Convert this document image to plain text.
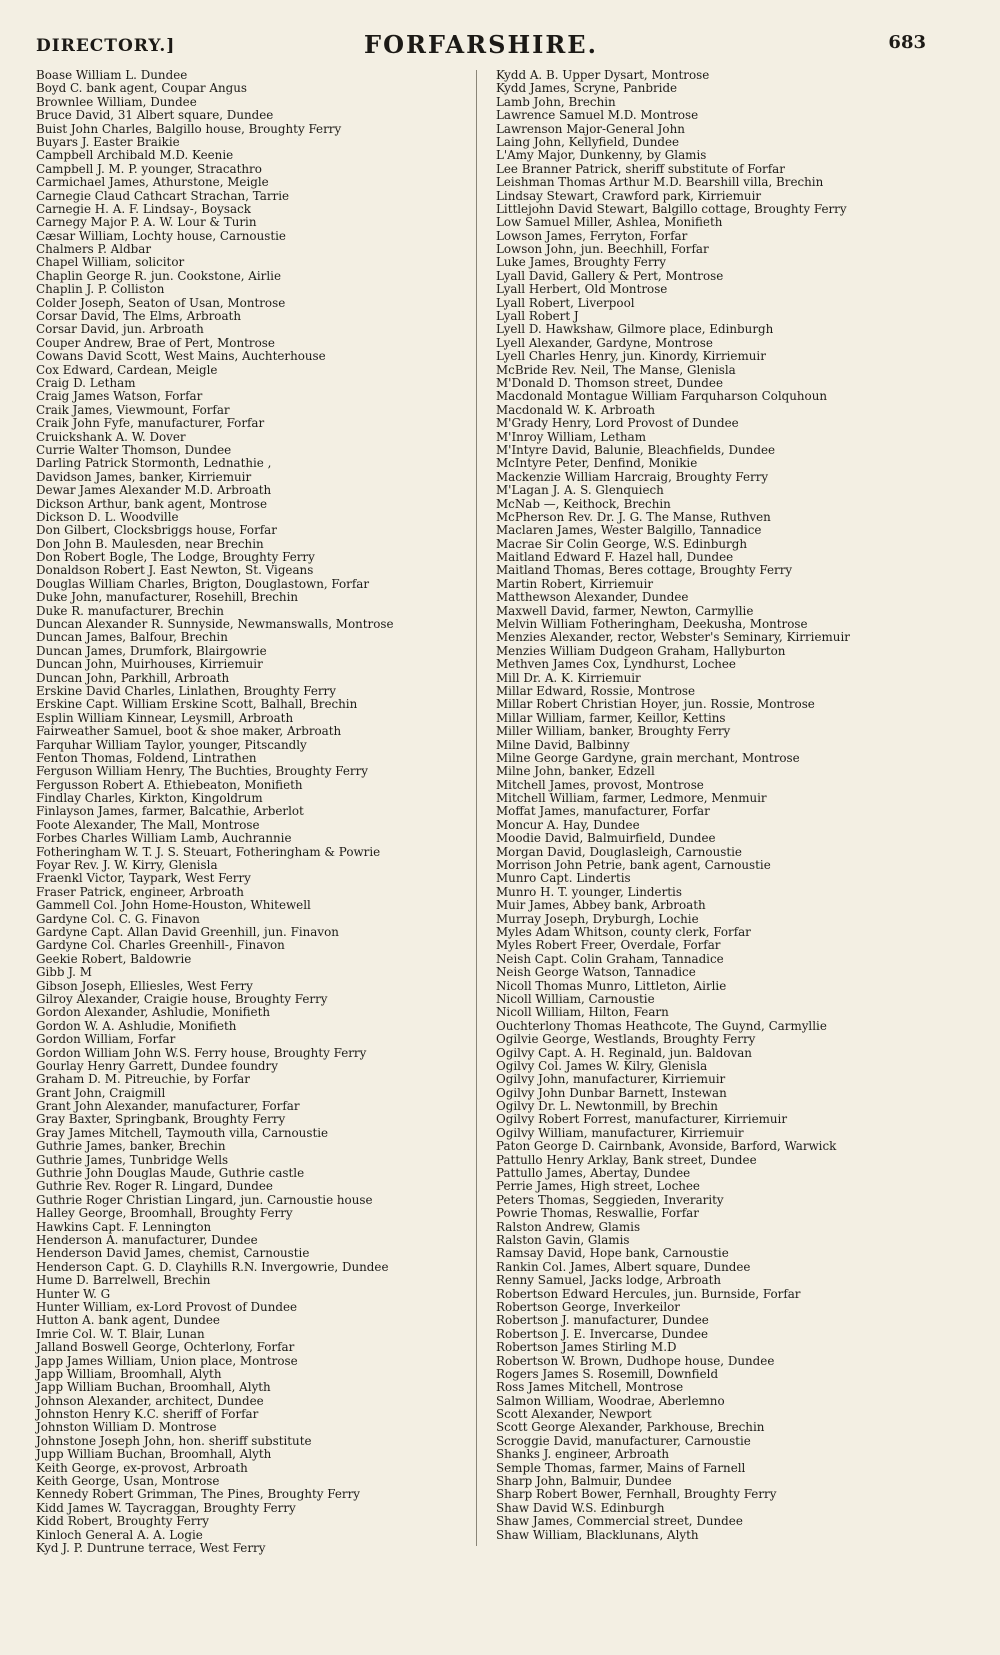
DIRECTORY.]	FORFARSHIRE.	683
Boase William L. Dundee
Boyd C. bank agent, Coupar Angus
Brownlee William, Dundee
Bruce David, 31 Albert square, Dundee
Buist John Charles, Balgillo house, Broughty Ferry
Buyars J. Easter Braikie
Campbell Archibald M.D. Keenie
Campbell J. M. P. younger, Stracathro
Carmichael James, Athurstone, Meigle
Carnegie Claud Cathcart Strachan, Tarrie
Carnegie H. A. F. Lindsay-, Boysack
Carnegy Major P. A. W. Lour & Turin
Cæsar William, Lochty house, Carnoustie
Chalmers P. Aldbar
Chapel William, solicitor
Chaplin George R. jun. Cookstone, Airlie
Chaplin J. P. Colliston
Colder Joseph, Seaton of Usan, Montrose
Corsar David, The Elms, Arbroath
Corsar David, jun. Arbroath
Couper Andrew, Brae of Pert, Montrose
Cowans David Scott, West Mains, Auchterhouse
Cox Edward, Cardean, Meigle
Craig D. Letham
Craig James Watson, Forfar
Craik James, Viewmount, Forfar
Craik John Fyfe, manufacturer, Forfar
Cruickshank A. W. Dover
Currie Walter Thomson, Dundee
Darling Patrick Stormonth, Lednathie ,
Davidson James, banker, Kirriemuir
Dewar James Alexander M.D. Arbroath
Dickson Arthur, bank agent, Montrose
Dickson D. L. Woodville
Don Gilbert, Clocksbriggs house, Forfar
Don John B. Maulesden, near Brechin
Don Robert Bogle, The Lodge, Broughty Ferry
Donaldson Robert J. East Newton, St. Vigeans
Douglas William Charles, Brigton, Douglastown, Forfar
Duke John, manufacturer, Rosehill, Brechin
Duke R. manufacturer, Brechin
Duncan Alexander R. Sunnyside, Newmanswalls, Montrose
Duncan James, Balfour, Brechin
Duncan James, Drumfork, Blairgowrie
Duncan John, Muirhouses, Kirriemuir
Duncan John, Parkhill, Arbroath
Erskine David Charles, Linlathen, Broughty Ferry
Erskine Capt. William Erskine Scott, Balhall, Brechin
Esplin William Kinnear, Leysmill, Arbroath
Fairweather Samuel, boot & shoe maker, Arbroath
Farquhar William Taylor, younger, Pitscandly
Fenton Thomas, Foldend, Lintrathen
Ferguson William Henry, The Buchties, Broughty Ferry
Fergusson Robert A. Ethiebeaton, Monifieth
Findlay Charles, Kirkton, Kingoldrum
Finlayson James, farmer, Balcathie, Arberlot
Foote Alexander, The Mall, Montrose
Forbes Charles William Lamb, Auchrannie
Fotheringham W. T. J. S. Steuart, Fotheringham & Powrie
Foyar Rev. J. W. Kirry, Glenisla
Fraenkl Victor, Taypark, West Ferry
Fraser Patrick, engineer, Arbroath
Gammell Col. John Home-Houston, Whitewell
Gardyne Col. C. G. Finavon
Gardyne Capt. Allan David Greenhill, jun. Finavon
Gardyne Col. Charles Greenhill-, Finavon
Geekie Robert, Baldowrie
Gibb J. M
Gibson Joseph, Elliesles, West Ferry
Gilroy Alexander, Craigie house, Broughty Ferry
Gordon Alexander, Ashludie, Monifieth
Gordon W. A. Ashludie, Monifieth
Gordon William, Forfar
Gordon William John W.S. Ferry house, Broughty Ferry
Gourlay Henry Garrett, Dundee foundry
Graham D. M. Pitreuchie, by Forfar
Grant John, Craigmill
Grant John Alexander, manufacturer, Forfar
Gray Baxter, Springbank, Broughty Ferry
Gray James Mitchell, Taymouth villa, Carnoustie
Guthrie James, banker, Brechin
Guthrie James, Tunbridge Wells
Guthrie John Douglas Maude, Guthrie castle
Guthrie Rev. Roger R. Lingard, Dundee
Guthrie Roger Christian Lingard, jun. Carnoustie house
Halley George, Broomhall, Broughty Ferry
Hawkins Capt. F. Lennington
Henderson A. manufacturer, Dundee
Henderson David James, chemist, Carnoustie
Henderson Capt. G. D. Clayhills R.N. Invergowrie, Dundee
Hume D. Barrelwell, Brechin
Hunter W. G
Hunter William, ex-Lord Provost of Dundee
Hutton A. bank agent, Dundee
Imrie Col. W. T. Blair, Lunan
Jalland Boswell George, Ochterlony, Forfar
Japp James William, Union place, Montrose
Japp William, Broomhall, Alyth
Japp William Buchan, Broomhall, Alyth
Johnson Alexander, architect, Dundee
Johnston Henry K.C. sheriff of Forfar
Johnston William D. Montrose
Johnstone Joseph John, hon. sheriff substitute
Jupp William Buchan, Broomhall, Alyth
Keith George, ex-provost, Arbroath
Keith George, Usan, Montrose
Kennedy Robert Grimman, The Pines, Broughty Ferry
Kidd James W. Taycraggan, Broughty Ferry
Kidd Robert, Broughty Ferry
Kinloch General A. A. Logie
Kyd J. P. Duntrune terrace, West Ferry
Kydd A. B. Upper Dysart, Montrose
Kydd James, Scryne, Panbride
Lamb John, Brechin
Lawrence Samuel M.D. Montrose
Lawrenson Major-General John
Laing John, Kellyfield, Dundee
L'Amy Major, Dunkenny, by Glamis
Lee Branner Patrick, sheriff substitute of Forfar
Leishman Thomas Arthur M.D. Bearshill villa, Brechin
Lindsay Stewart, Crawford park, Kirriemuir
Littlejohn David Stewart, Balgillo cottage, Broughty Ferry
Low Samuel Miller, Ashlea, Monifieth
Lowson James, Ferryton, Forfar
Lowson John, jun. Beechhill, Forfar
Luke James, Broughty Ferry
Lyall David, Gallery & Pert, Montrose
Lyall Herbert, Old Montrose
Lyall Robert, Liverpool
Lyall Robert J
Lyell D. Hawkshaw, Gilmore place, Edinburgh
Lyell Alexander, Gardyne, Montrose
Lyell Charles Henry, jun. Kinordy, Kirriemuir
McBride Rev. Neil, The Manse, Glenisla
M'Donald D. Thomson street, Dundee
Macdonald Montague William Farquharson Colquhoun
Macdonald W. K. Arbroath
M'Grady Henry, Lord Provost of Dundee
M'Inroy William, Letham
M'Intyre David, Balunie, Bleachfields, Dundee
McIntyre Peter, Denfind, Monikie
Mackenzie William Harcraig, Broughty Ferry
M'Lagan J. A. S. Glenquiech
McNab —, Keithock, Brechin
McPherson Rev. Dr. J. G. The Manse, Ruthven
Maclaren James, Wester Balgillo, Tannadice
Macrae Sir Colin George, W.S. Edinburgh
Maitland Edward F. Hazel hall, Dundee
Maitland Thomas, Beres cottage, Broughty Ferry
Martin Robert, Kirriemuir
Matthewson Alexander, Dundee
Maxwell David, farmer, Newton, Carmyllie
Melvin William Fotheringham, Deekusha, Montrose
Menzies Alexander, rector, Webster's Seminary, Kirriemuir
Menzies William Dudgeon Graham, Hallyburton
Methven James Cox, Lyndhurst, Lochee
Mill Dr. A. K. Kirriemuir
Millar Edward, Rossie, Montrose
Millar Robert Christian Hoyer, jun. Rossie, Montrose
Millar William, farmer, Keillor, Kettins
Miller William, banker, Broughty Ferry
Milne David, Balbinny
Milne George Gardyne, grain merchant, Montrose
Milne John, banker, Edzell
Mitchell James, provost, Montrose
Mitchell William, farmer, Ledmore, Menmuir
Moffat James, manufacturer, Forfar
Moncur A. Hay, Dundee
Moodie David, Balmuirfield, Dundee
Morgan David, Douglasleigh, Carnoustie
Morrison John Petrie, bank agent, Carnoustie
Munro Capt. Lindertis
Munro H. T. younger, Lindertis
Muir James, Abbey bank, Arbroath
Murray Joseph, Dryburgh, Lochie
Myles Adam Whitson, county clerk, Forfar
Myles Robert Freer, Overdale, Forfar
Neish Capt. Colin Graham, Tannadice
Neish George Watson, Tannadice
Nicoll Thomas Munro, Littleton, Airlie
Nicoll William, Carnoustie
Nicoll William, Hilton, Fearn
Ouchterlony Thomas Heathcote, The Guynd, Carmyllie
Ogilvie George, Westlands, Broughty Ferry
Ogilvy Capt. A. H. Reginald, jun. Baldovan
Ogilvy Col. James W. Kilry, Glenisla
Ogilvy John, manufacturer, Kirriemuir
Ogilvy John Dunbar Barnett, Instewan
Ogilvy Dr. L. Newtonmill, by Brechin
Ogilvy Robert Forrest, manufacturer, Kirriemuir
Ogilvy William, manufacturer, Kirriemuir
Paton George D. Cairnbank, Avonside, Barford, Warwick
Pattullo Henry Arklay, Bank street, Dundee
Pattullo James, Abertay, Dundee
Perrie James, High street, Lochee
Peters Thomas, Seggieden, Inverarity
Powrie Thomas, Reswallie, Forfar
Ralston Andrew, Glamis
Ralston Gavin, Glamis
Ramsay David, Hope bank, Carnoustie
Rankin Col. James, Albert square, Dundee
Renny Samuel, Jacks lodge, Arbroath
Robertson Edward Hercules, jun. Burnside, Forfar
Robertson George, Inverkeilor
Robertson J. manufacturer, Dundee
Robertson J. E. Invercarse, Dundee
Robertson James Stirling M.D
Robertson W. Brown, Dudhope house, Dundee
Rogers James S. Rosemill, Downfield
Ross James Mitchell, Montrose
Salmon William, Woodrae, Aberlemno
Scott Alexander, Newport
Scott George Alexander, Parkhouse, Brechin
Scroggie David, manufacturer, Carnoustie
Shanks J. engineer, Arbroath
Semple Thomas, farmer, Mains of Farnell
Sharp John, Balmuir, Dundee
Sharp Robert Bower, Fernhall, Broughty Ferry
Shaw David W.S. Edinburgh
Shaw James, Commercial street, Dundee
Shaw William, Blacklunans, Alyth
